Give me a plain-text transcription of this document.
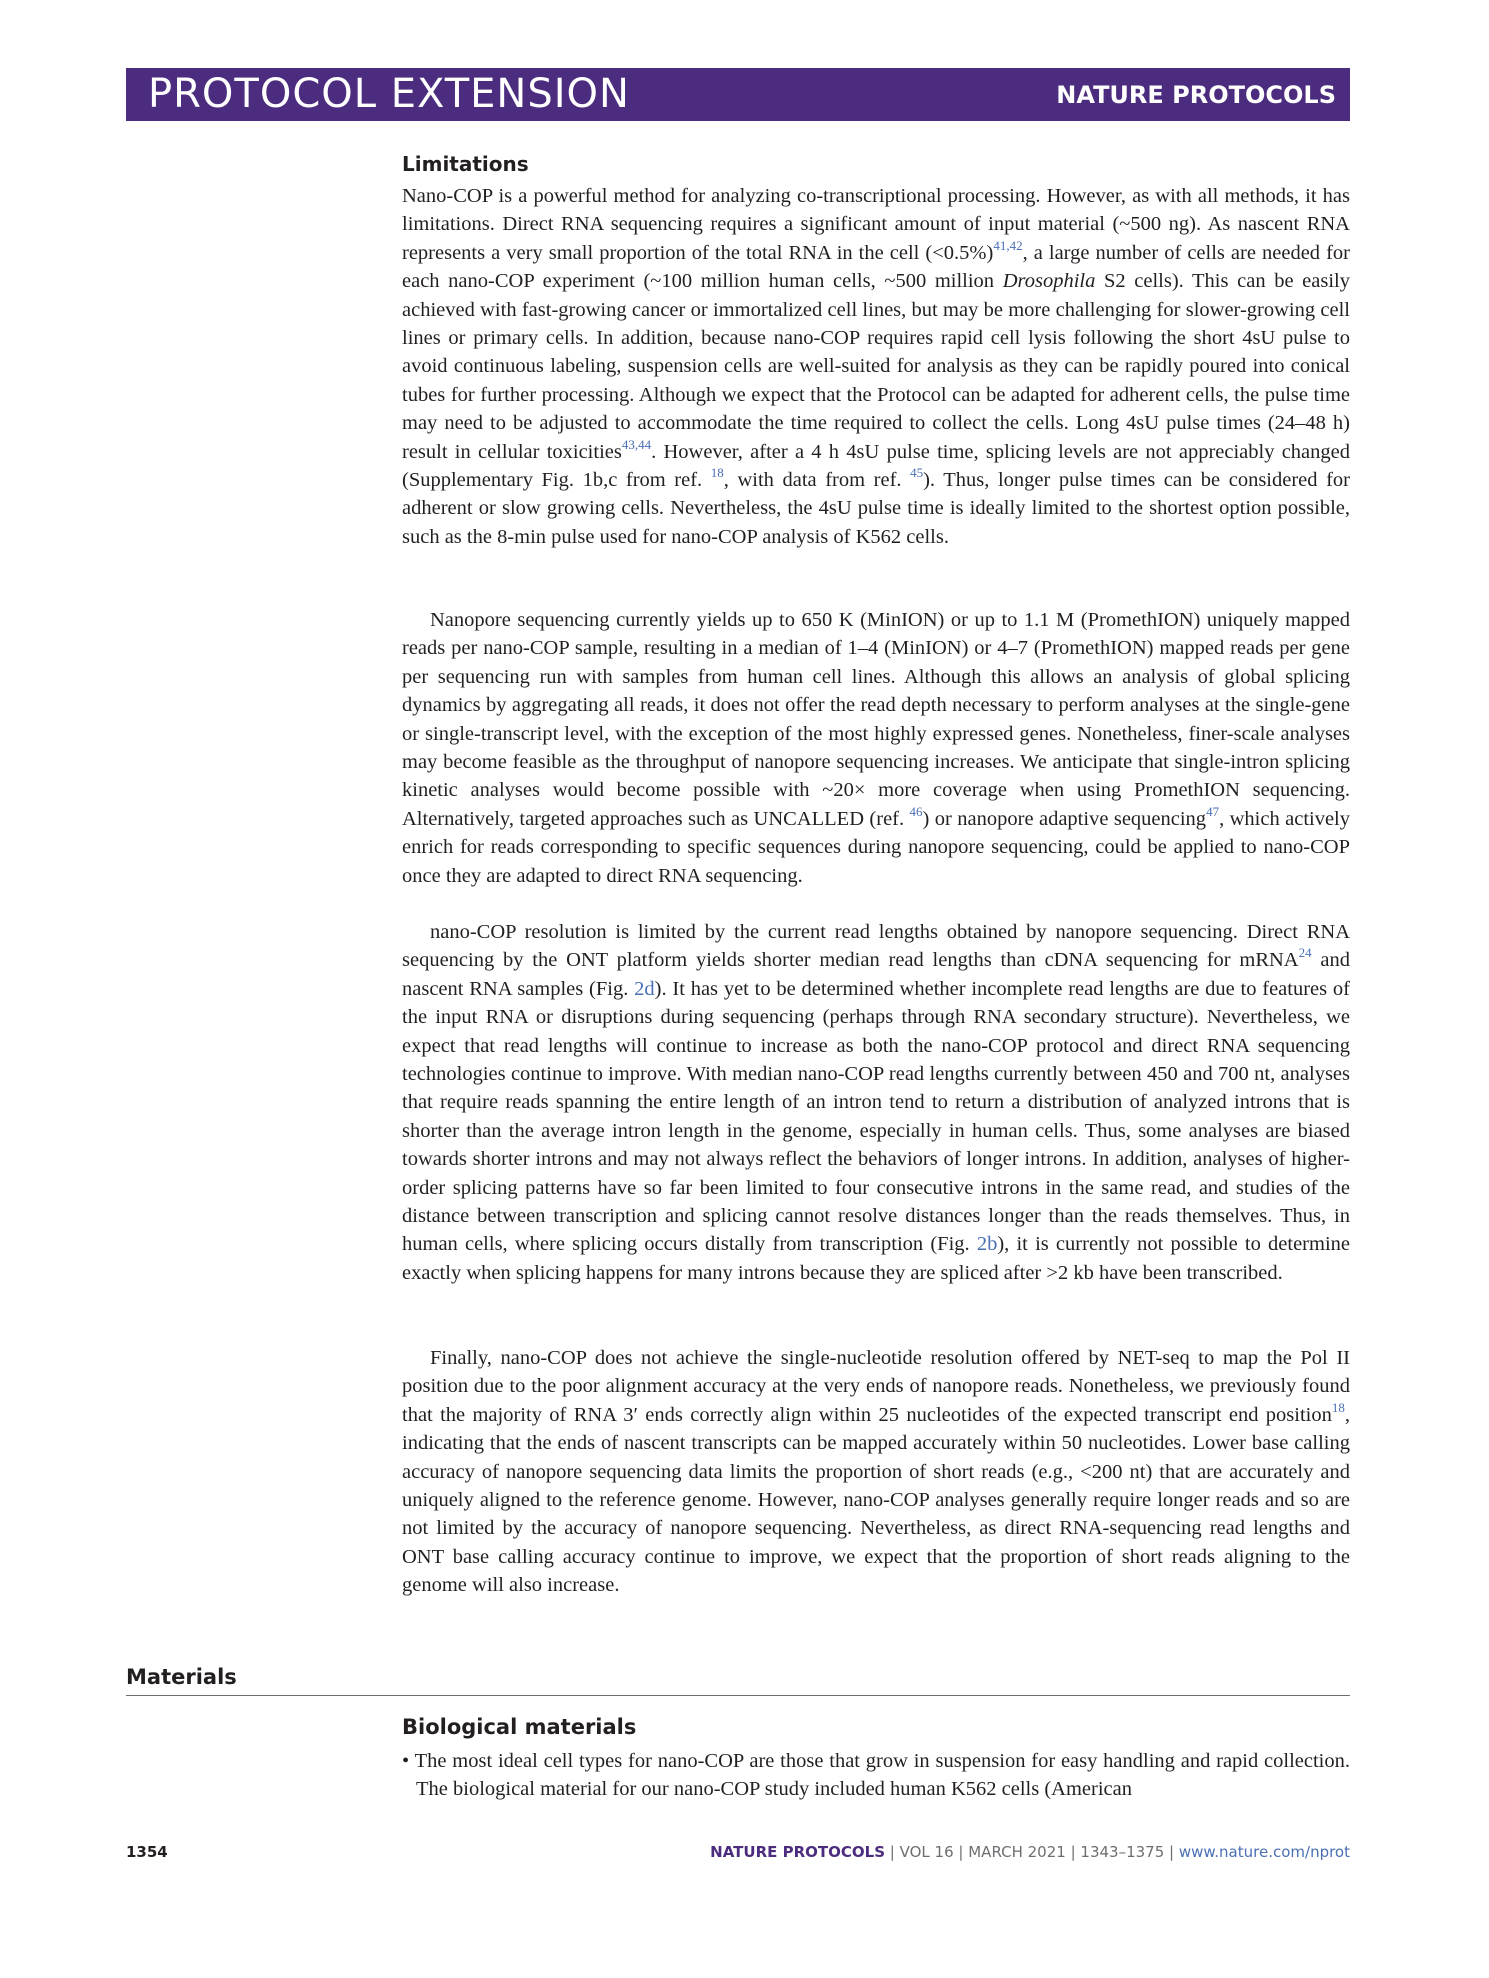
PROTOCOL EXTENSION	NATURE PROTOCOLS
Limitations

Nano-COP is a powerful method for analyzing co-transcriptional processing. However, as with all methods, it has limitations. Direct RNA sequencing requires a significant amount of input material (~500 ng). As nascent RNA represents a very small proportion of the total RNA in the cell (<0.5%)$^{41,42}$, a large number of cells are needed for each nano-COP experiment (~100 million human cells, ~500 million Drosophila S2 cells). This can be easily achieved with fast-growing cancer or immortalized cell lines, but may be more challenging for slower-growing cell lines or primary cells. In addition, because nano-COP requires rapid cell lysis following the short 4sU pulse to avoid continuous labeling, suspension cells are well-suited for analysis as they can be rapidly poured into conical tubes for further processing. Although we expect that the Protocol can be adapted for adherent cells, the pulse time may need to be adjusted to accommodate the time required to collect the cells. Long 4sU pulse times (24–48 h) result in cellular toxicities$^{43,44}$. However, after a 4 h 4sU pulse time, splicing levels are not appreciably changed (Supplementary Fig. 1b,c from ref. $^{18}$, with data from ref. $^{45}$). Thus, longer pulse times can be considered for adherent or slow growing cells. Nevertheless, the 4sU pulse time is ideally limited to the shortest option possible, such as the 8-min pulse used for nano-COP analysis of K562 cells.

Nanopore sequencing currently yields up to 650 K (MinION) or up to 1.1 M (PromethION) uniquely mapped reads per nano-COP sample, resulting in a median of 1–4 (MinION) or 4–7 (PromethION) mapped reads per gene per sequencing run with samples from human cell lines. Although this allows an analysis of global splicing dynamics by aggregating all reads, it does not offer the read depth necessary to perform analyses at the single-gene or single-transcript level, with the exception of the most highly expressed genes. Nonetheless, finer-scale analyses may become feasible as the throughput of nanopore sequencing increases. We anticipate that single-intron splicing kinetic analyses would become possible with ~20× more coverage when using PromethION sequencing. Alternatively, targeted approaches such as UNCALLED (ref. $^{46}$) or nanopore adaptive sequencing$^{47}$, which actively enrich for reads corresponding to specific sequences during nanopore sequencing, could be applied to nano-COP once they are adapted to direct RNA sequencing.

nano-COP resolution is limited by the current read lengths obtained by nanopore sequencing. Direct RNA sequencing by the ONT platform yields shorter median read lengths than cDNA sequencing for mRNA$^{24}$ and nascent RNA samples (Fig. 2d). It has yet to be determined whether incomplete read lengths are due to features of the input RNA or disruptions during sequencing (perhaps through RNA secondary structure). Nevertheless, we expect that read lengths will continue to increase as both the nano-COP protocol and direct RNA sequencing technologies continue to improve. With median nano-COP read lengths currently between 450 and 700 nt, analyses that require reads spanning the entire length of an intron tend to return a distribution of analyzed introns that is shorter than the average intron length in the genome, especially in human cells. Thus, some analyses are biased towards shorter introns and may not always reflect the behaviors of longer introns. In addition, analyses of higher-order splicing patterns have so far been limited to four consecutive introns in the same read, and studies of the distance between transcription and splicing cannot resolve distances longer than the reads themselves. Thus, in human cells, where splicing occurs distally from transcription (Fig. 2b), it is currently not possible to determine exactly when splicing happens for many introns because they are spliced after >2 kb have been transcribed.

Finally, nano-COP does not achieve the single-nucleotide resolution offered by NET-seq to map the Pol II position due to the poor alignment accuracy at the very ends of nanopore reads. Nonetheless, we previously found that the majority of RNA 3′ ends correctly align within 25 nucleotides of the expected transcript end position$^{18}$, indicating that the ends of nascent transcripts can be mapped accurately within 50 nucleotides. Lower base calling accuracy of nanopore sequencing data limits the proportion of short reads (e.g., <200 nt) that are accurately and uniquely aligned to the reference genome. However, nano-COP analyses generally require longer reads and so are not limited by the accuracy of nanopore sequencing. Nevertheless, as direct RNA-sequencing read lengths and ONT base calling accuracy continue to improve, we expect that the proportion of short reads aligning to the genome will also increase.

Materials
Biological materials

• The most ideal cell types for nano-COP are those that grow in suspension for easy handling and rapid collection. The biological material for our nano-COP study included human K562 cells (American

1354	NATURE PROTOCOLS | VOL 16 | MARCH 2021 | 1343–1375 | www.nature.com/nprot
